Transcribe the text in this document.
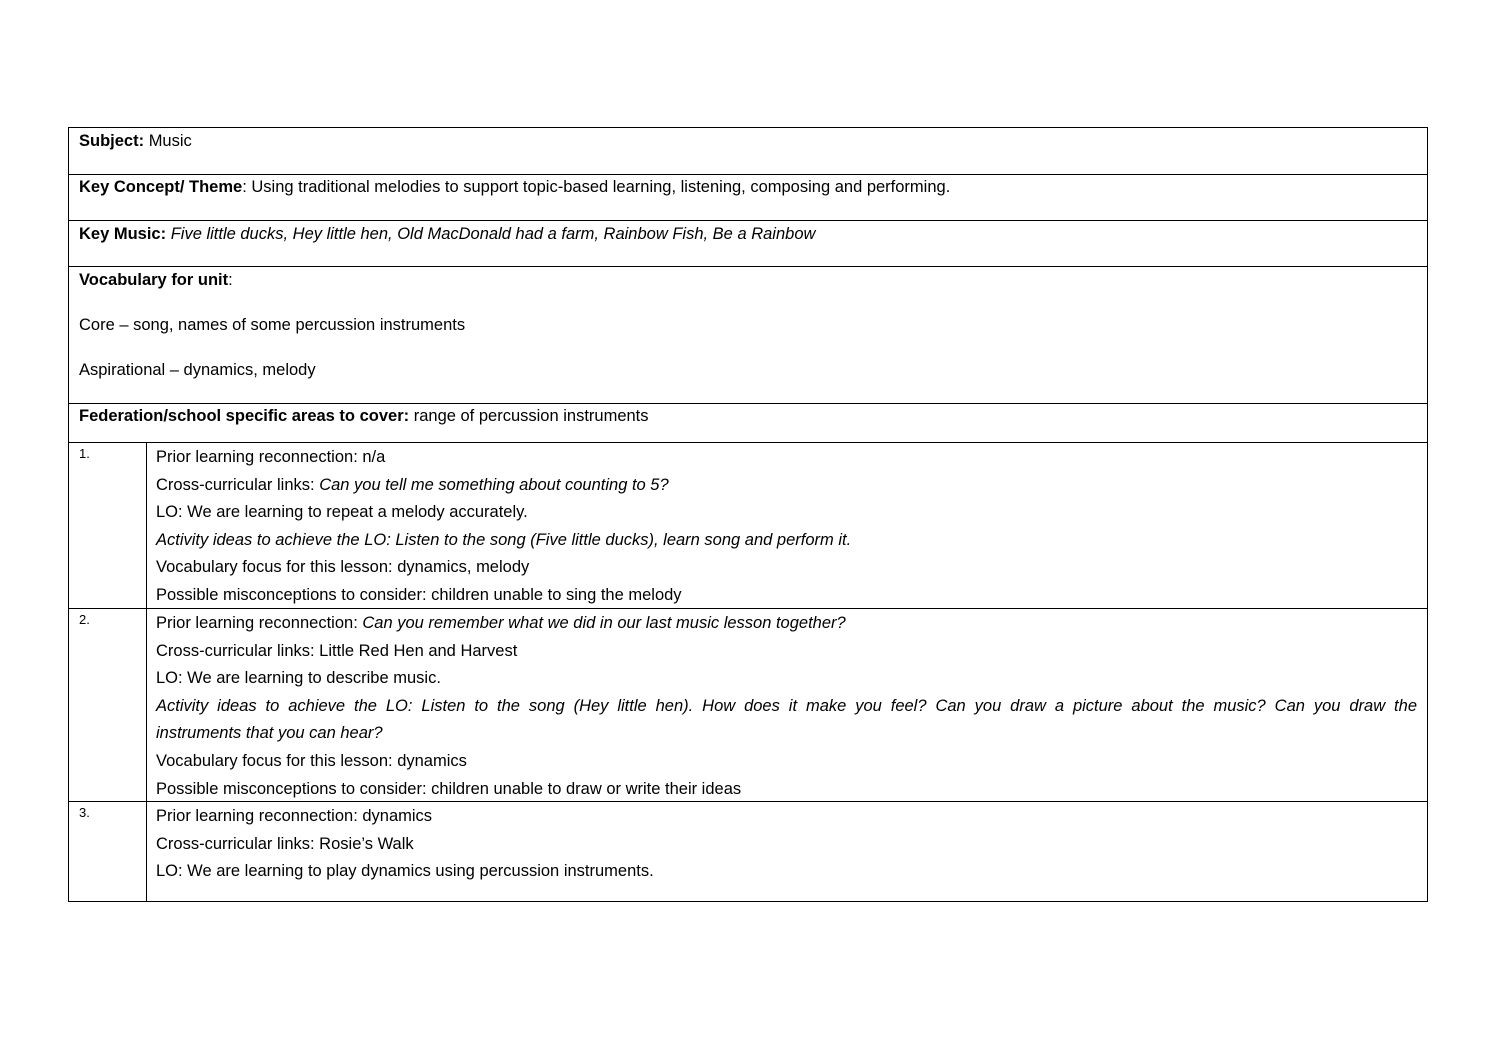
Subject: Music
Key Concept/ Theme: Using traditional melodies to support topic-based learning, listening, composing and performing.
Key Music: Five little ducks, Hey little hen, Old MacDonald had a farm, Rainbow Fish, Be a Rainbow
Vocabulary for unit:
Core – song, names of some percussion instruments
Aspirational – dynamics, melody
Federation/school specific areas to cover: range of percussion instruments
1.	Prior learning reconnection: n/a
Cross-curricular links: Can you tell me something about counting to 5?
LO: We are learning to repeat a melody accurately.
Activity ideas to achieve the LO: Listen to the song (Five little ducks), learn song and perform it.
Vocabulary focus for this lesson: dynamics, melody
Possible misconceptions to consider: children unable to sing the melody
2.	Prior learning reconnection: Can you remember what we did in our last music lesson together?
Cross-curricular links: Little Red Hen and Harvest
LO: We are learning to describe music.
Activity ideas to achieve the LO: Listen to the song (Hey little hen). How does it make you feel? Can you draw a picture about the music? Can you draw the
instruments that you can hear?
Vocabulary focus for this lesson: dynamics
Possible misconceptions to consider: children unable to draw or write their ideas
3.	Prior learning reconnection: dynamics
Cross-curricular links: Rosie’s Walk
LO: We are learning to play dynamics using percussion instruments.
